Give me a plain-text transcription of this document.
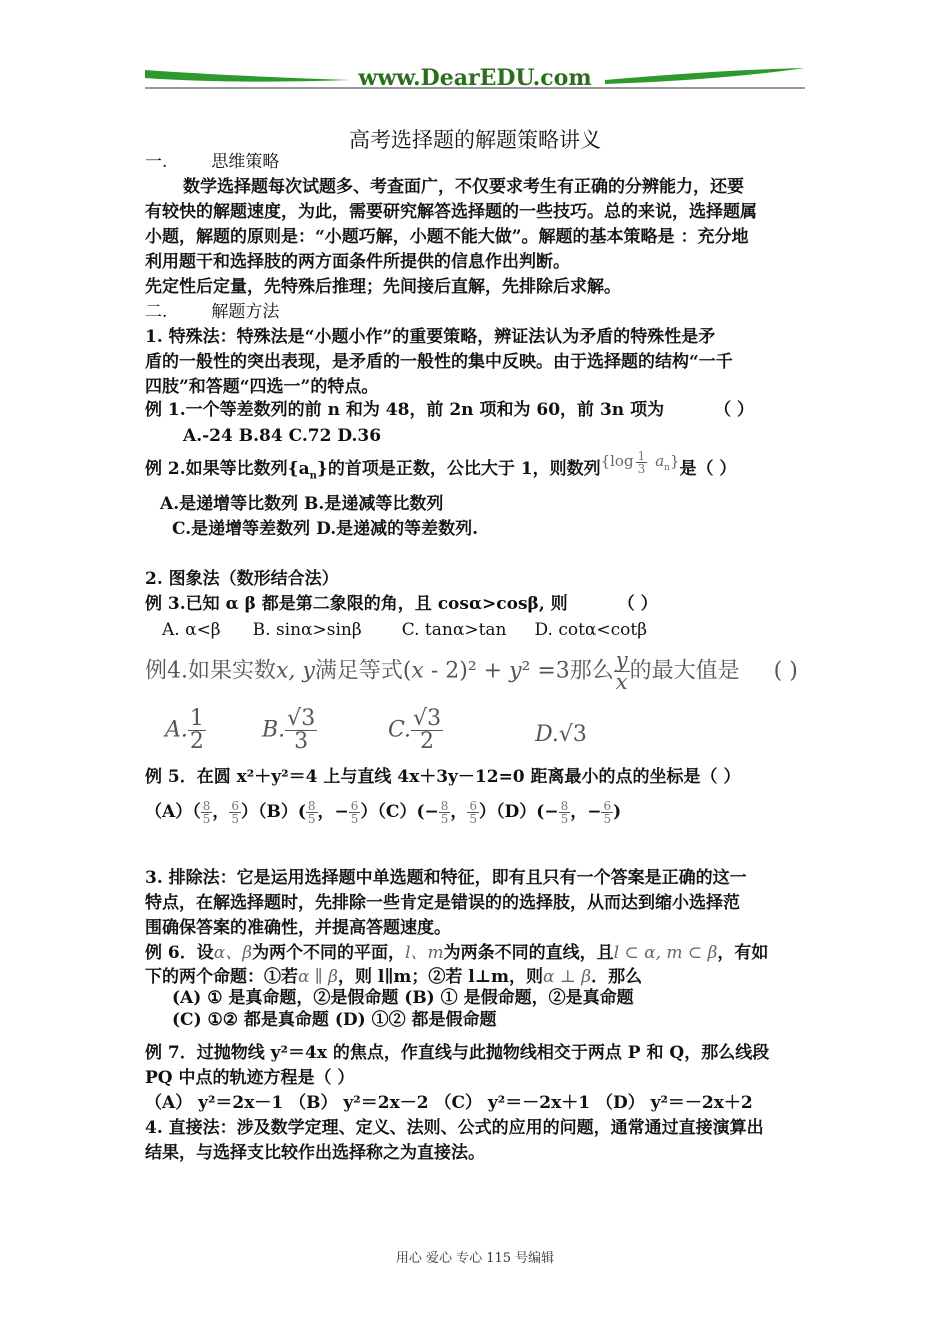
www.DearEDU.com
高考选择题的解题策略讲义
一.	思维策略
数学选择题每次试题多、考查面广，不仅要求考生有正确的分辨能力，还要
有较快的解题速度，为此，需要研究解答选择题的一些技巧。总的来说，选择题属
小题，解题的原则是：“小题巧解，小题不能大做”。解题的基本策略是 ：充分地
利用题干和选择肢的两方面条件所提供的信息作出判断。
先定性后定量，先特殊后推理；先间接后直解，先排除后求解。
二.	解题方法
1. 特殊法：特殊法是“小题小作”的重要策略，辨证法认为矛盾的特殊性是矛
盾的一般性的突出表现，是矛盾的一般性的集中反映。由于选择题的结构“一千
四肢”和答题“四选一”的特点。
例 1.一个等差数列的前 n 和为 48，前 2n 项和为 60，前 3n 项为	（ ）
A.-24 B.84 C.72 D.36
例 2.如果等比数列$\{a_n\}$的首项是正数，公比大于 1，则数列$\{\log \frac{1}{3} a_n\}$是（ ）
A.是递增等比数列 B.是递减等比数列
C.是递增等差数列 D.是递减的等差数列.
2. 图象法（数形结合法）
例 3.已知 α β 都是第二象限的角，且 cosα>cosβ, 则	（ ）
A. α<β B. sinα>sinβ C. tanα>tan D. cotα<cotβ
例4.如果实数x, y满足等式(x - 2)² + y² =3那么 $\frac{y}{x}$ 的最大值是 ( )
A. $\frac{1}{2}$	B. $\frac{√3}{3}$	C. $\frac{√3}{2}$	D.√3
例 5．在圆 x²＋y²＝4 上与直线 4x＋3y－12=0 距离最小的点的坐标是（ ）
$(A)( \frac{8}{5}$ ， $\frac{6}{5} )(B)( \frac{8}{5}$ ，− $\frac{6}{5} )(C)(- \frac{8}{5}$ ， $\frac{6}{5} )(D)(- \frac{8}{5}$ ，− $\frac{6}{5}$ )
3. 排除法：它是运用选择题中单选题和特征，即有且只有一个答案是正确的这一
特点，在解选择题时，先排除一些肯定是错误的的选择肢，从而达到缩小选择范
围确保答案的准确性，并提高答题速度。
例 6．设α、β为两个不同的平面，l、m为两条不同的直线，且l ⊂ α, m ⊂ β，有如
下的两个命题：①若α ∥ β，则 l∥m；②若 l⊥m，则α ⊥ β．那么
(A) ① 是真命题，②是假命题 (B) ① 是假命题，②是真命题
(C) ①② 都是真命题 (D) ①② 都是假命题
例 7．过抛物线 y²＝4x 的焦点，作直线与此抛物线相交于两点 P 和 Q，那么线段
PQ 中点的轨迹方程是（ ）
（A） y²＝2x－1 （B） y²＝2x－2 （C） y²＝－2x＋1 （D） y²＝－2x＋2
4. 直接法：涉及数学定理、定义、法则、公式的应用的问题，通常通过直接演算出
结果，与选择支比较作出选择称之为直接法。
用心 爱心 专心 115 号编辑
